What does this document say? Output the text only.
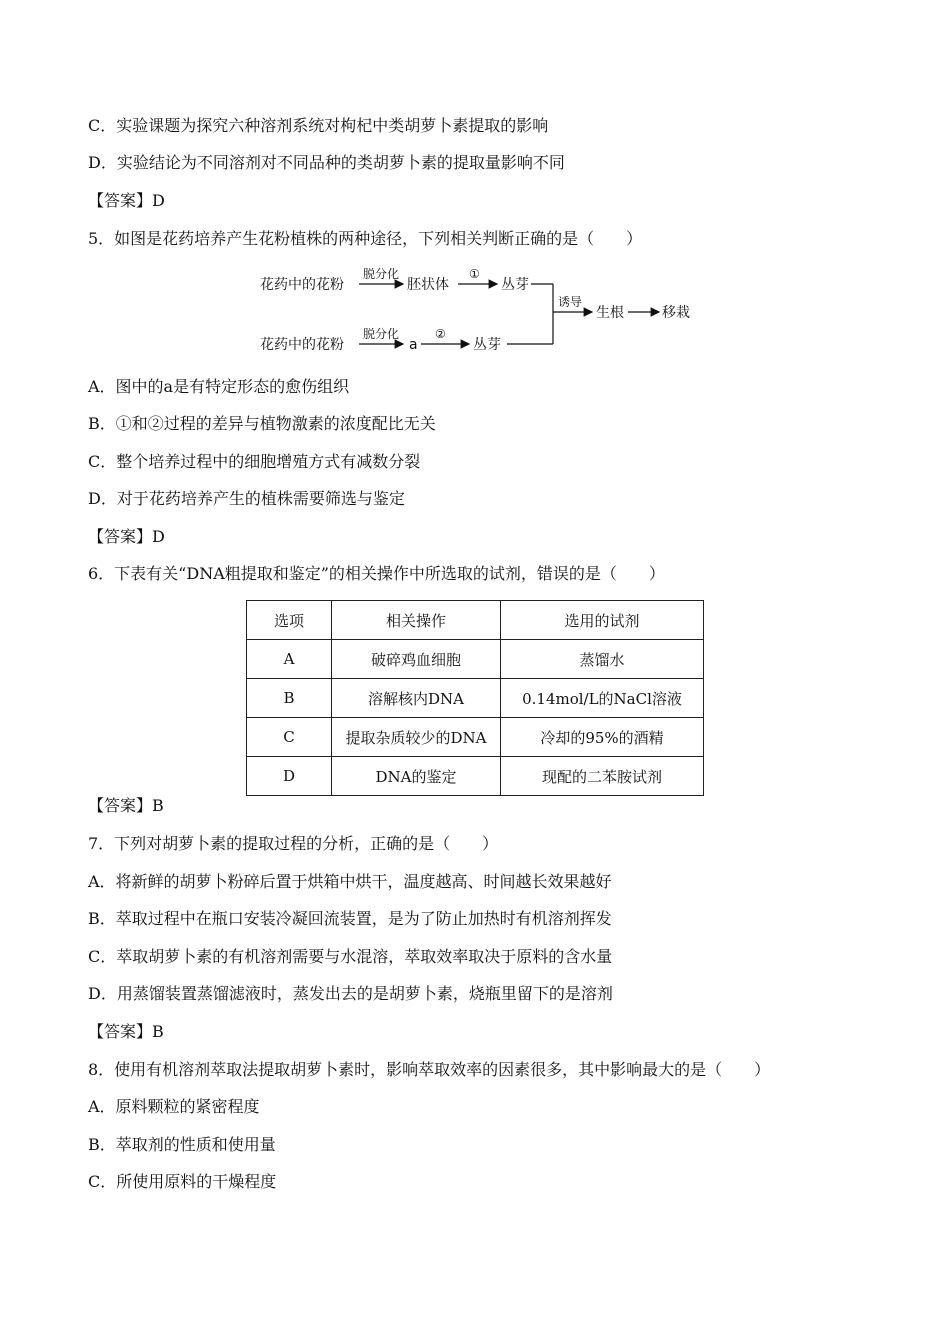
C．实验课题为探究六种溶剂系统对枸杞中类胡萝卜素提取的影响
D．实验结论为不同溶剂对不同品种的类胡萝卜素的提取量影响不同
【答案】D
5．如图是花药培养产生花粉植株的两种途径，下列相关判断正确的是（　　）
花药中的花粉
脱分化
胚状体
①
丛芽
花药中的花粉
脱分化
a
②
丛芽
诱导
生根	移栽
A．图中的a是有特定形态的愈伤组织
B．①和②过程的差异与植物激素的浓度配比无关
C．整个培养过程中的细胞增殖方式有减数分裂
D．对于花药培养产生的植株需要筛选与鉴定
【答案】D
6．下表有关“DNA粗提取和鉴定”的相关操作中所选取的试剂，错误的是（　　）
选项	相关操作	选用的试剂
A	破碎鸡血细胞	蒸馏水
B	溶解核内DNA	0.14mol/L的NaCl溶液
C	提取杂质较少的DNA	冷却的95%的酒精
D	DNA的鉴定	现配的二苯胺试剂
【答案】B
7．下列对胡萝卜素的提取过程的分析，正确的是（　　）
A．将新鲜的胡萝卜粉碎后置于烘箱中烘干，温度越高、时间越长效果越好
B．萃取过程中在瓶口安装冷凝回流装置，是为了防止加热时有机溶剂挥发
C．萃取胡萝卜素的有机溶剂需要与水混溶，萃取效率取决于原料的含水量
D．用蒸馏装置蒸馏滤液时，蒸发出去的是胡萝卜素，烧瓶里留下的是溶剂
【答案】B
8．使用有机溶剂萃取法提取胡萝卜素时，影响萃取效率的因素很多，其中影响最大的是（　　）
A．原料颗粒的紧密程度
B．萃取剂的性质和使用量
C．所使用原料的干燥程度
